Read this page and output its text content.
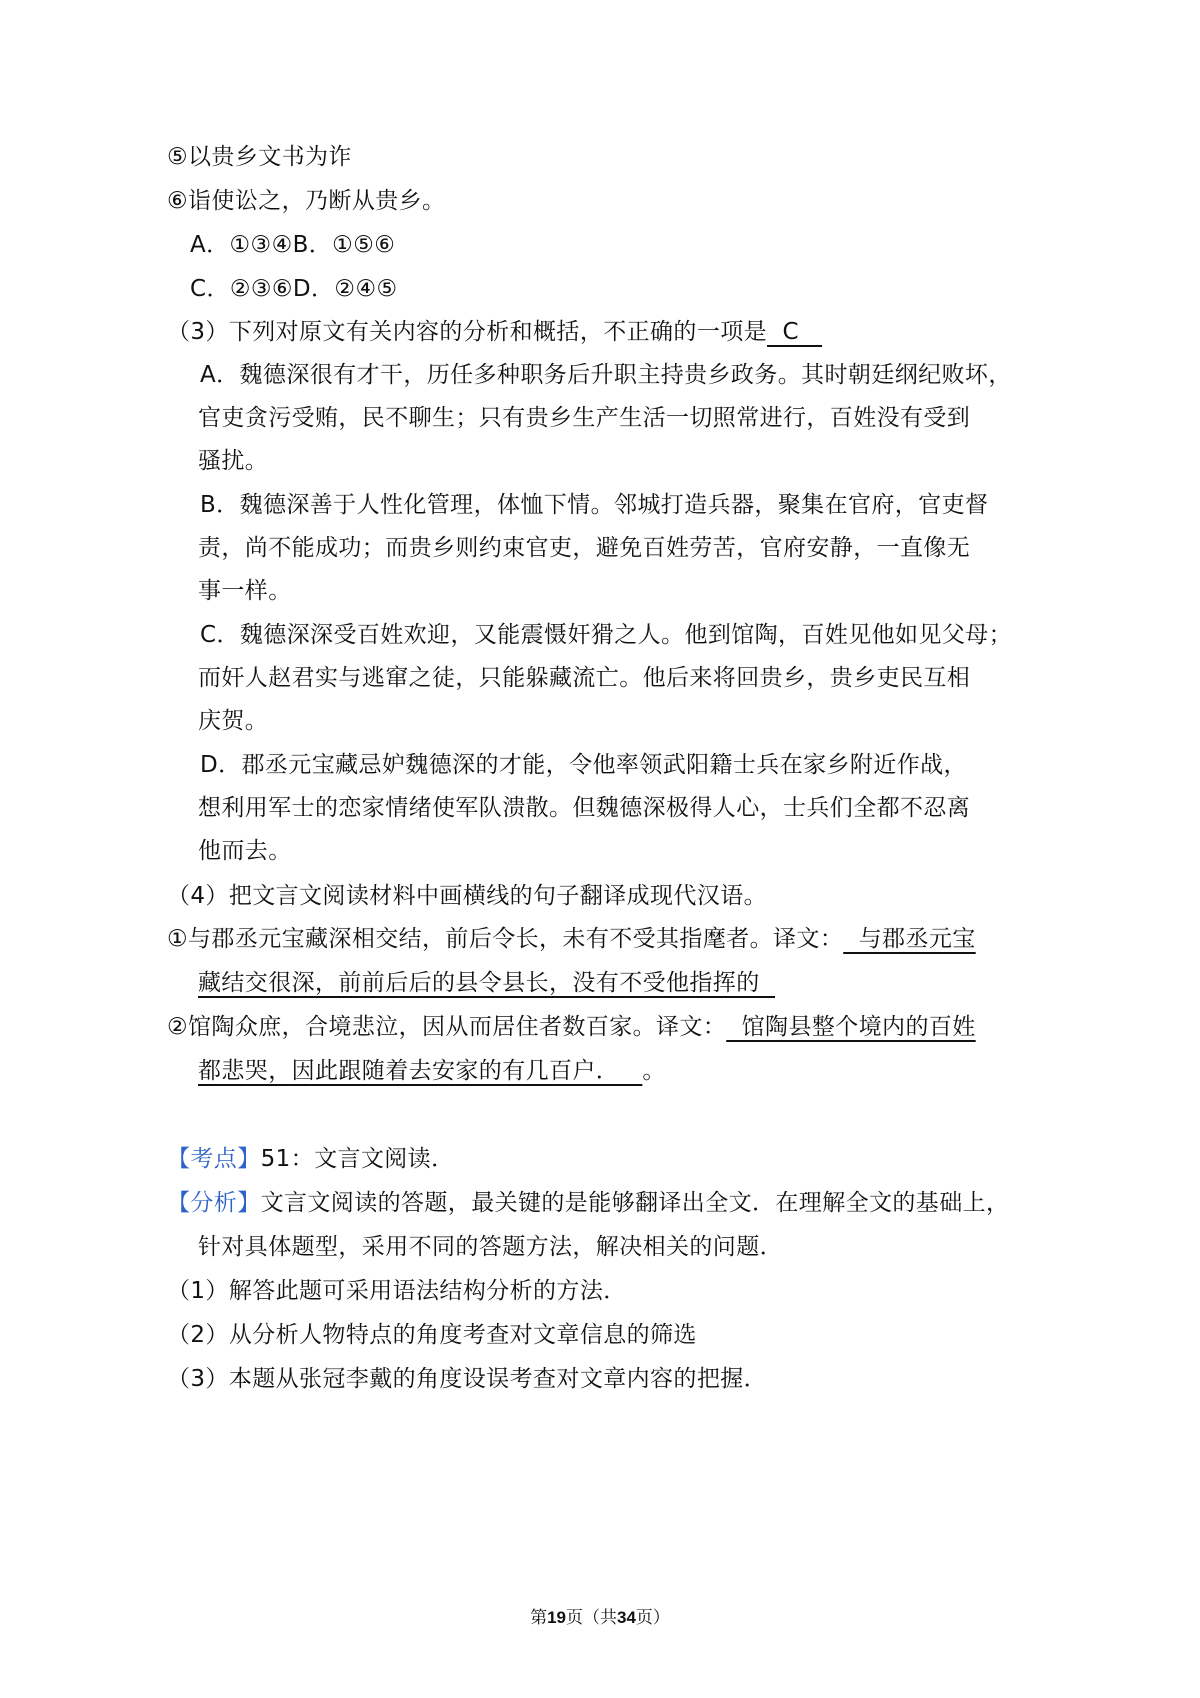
⑤以贵乡文书为诈
⑥诣使讼之，乃断从贵乡。
A．①③④B．①⑤⑥
C．②③⑥D．②④⑤
（3）下列对原文有关内容的分析和概括，不正确的一项是  C
A．魏德深很有才干，历任多种职务后升职主持贵乡政务。其时朝廷纲纪败坏，
官吏贪污受贿，民不聊生；只有贵乡生产生活一切照常进行，百姓没有受到
骚扰。
B．魏德深善于人性化管理，体恤下情。邻城打造兵器，聚集在官府，官吏督
责，尚不能成功；而贵乡则约束官吏，避免百姓劳苦，官府安静，一直像无
事一样。
C．魏德深深受百姓欢迎，又能震慑奸猾之人。他到馆陶，百姓见他如见父母；
而奸人赵君实与逃窜之徒，只能躲藏流亡。他后来将回贵乡，贵乡吏民互相
庆贺。
D．郡丞元宝藏忌妒魏德深的才能，令他率领武阳籍士兵在家乡附近作战，
想利用军士的恋家情绪使军队溃散。但魏德深极得人心，士兵们全都不忍离
他而去。
（4）把文言文阅读材料中画横线的句子翻译成现代汉语。
①与郡丞元宝藏深相交结，前后令长，未有不受其指麾者。译文：  与郡丞元宝
藏结交很深，前前后后的县令县长，没有不受他指挥的
②馆陶众庶，合境悲泣，因从而居住者数百家。译文：  馆陶县整个境内的百姓
都悲哭，因此跟随着去安家的有几百户．   。
【考点】51：文言文阅读．
【分析】文言文阅读的答题，最关键的是能够翻译出全文．在理解全文的基础上，
针对具体题型，采用不同的答题方法，解决相关的问题．
（1）解答此题可采用语法结构分析的方法．
（2）从分析人物特点的角度考查对文章信息的筛选
（3）本题从张冠李戴的角度设误考查对文章内容的把握．
第19页（共34页）
